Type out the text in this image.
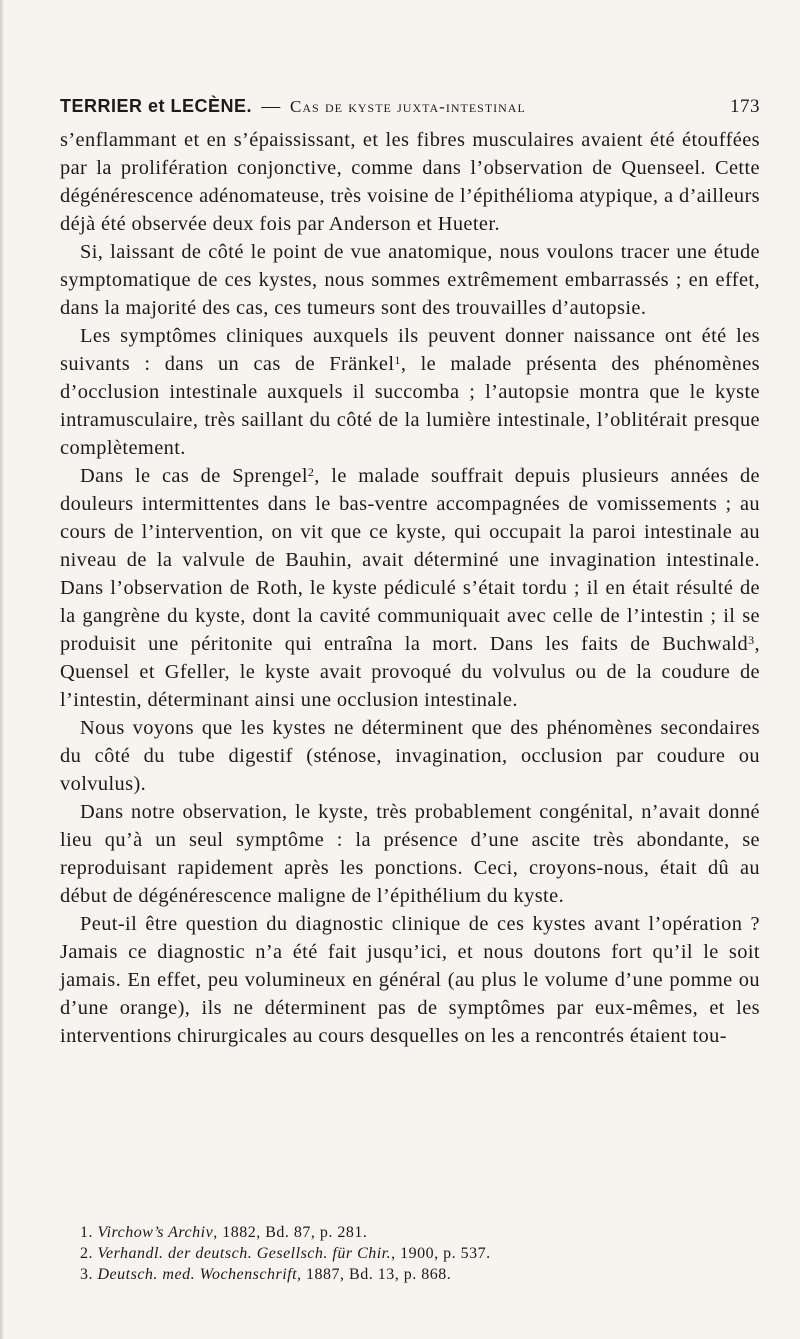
TERRIER et LECÈNE. — Cas de kyste juxta-intestinal	173

s’enflammant et en s’épaississant, et les fibres musculaires avaient été étouffées par la prolifération conjonctive, comme dans l’observation de Quenseel. Cette dégénérescence adénomateuse, très voisine de l’épithélioma atypique, a d’ailleurs déjà été observée deux fois par Anderson et Hueter.

Si, laissant de côté le point de vue anatomique, nous voulons tracer une étude symptomatique de ces kystes, nous sommes extrêmement embarrassés ; en effet, dans la majorité des cas, ces tumeurs sont des trouvailles d’autopsie.

Les symptômes cliniques auxquels ils peuvent donner naissance ont été les suivants : dans un cas de Fränkel$^1$, le malade présenta des phénomènes d’occlusion intestinale auxquels il succomba ; l’autopsie montra que le kyste intramusculaire, très saillant du côté de la lumière intestinale, l’oblitérait presque complètement.

Dans le cas de Sprengel$^2$, le malade souffrait depuis plusieurs années de douleurs intermittentes dans le bas-ventre accompagnées de vomissements ; au cours de l’intervention, on vit que ce kyste, qui occupait la paroi intestinale au niveau de la valvule de Bauhin, avait déterminé une invagination intestinale. Dans l’observation de Roth, le kyste pédiculé s’était tordu ; il en était résulté de la gangrène du kyste, dont la cavité communiquait avec celle de l’intestin ; il se produisit une péritonite qui entraîna la mort. Dans les faits de Buchwald$^3$, Quensel et Gfeller, le kyste avait provoqué du volvulus ou de la coudure de l’intestin, déterminant ainsi une occlusion intestinale.

Nous voyons que les kystes ne déterminent que des phénomènes secondaires du côté du tube digestif (sténose, invagination, occlusion par coudure ou volvulus).

Dans notre observation, le kyste, très probablement congénital, n’avait donné lieu qu’à un seul symptôme : la présence d’une ascite très abondante, se reproduisant rapidement après les ponctions. Ceci, croyons-nous, était dû au début de dégénérescence maligne de l’épithélium du kyste.

Peut-il être question du diagnostic clinique de ces kystes avant l’opération ? Jamais ce diagnostic n’a été fait jusqu’ici, et nous doutons fort qu’il le soit jamais. En effet, peu volumineux en général (au plus le volume d’une pomme ou d’une orange), ils ne déterminent pas de symptômes par eux-mêmes, et les interventions chirurgicales au cours desquelles on les a rencontrés étaient tou-

1. Virchow’s Archiv, 1882, Bd. 87, p. 281.

2. Verhandl. der deutsch. Gesellsch. für Chir., 1900, p. 537.

3. Deutsch. med. Wochenschrift, 1887, Bd. 13, p. 868.
